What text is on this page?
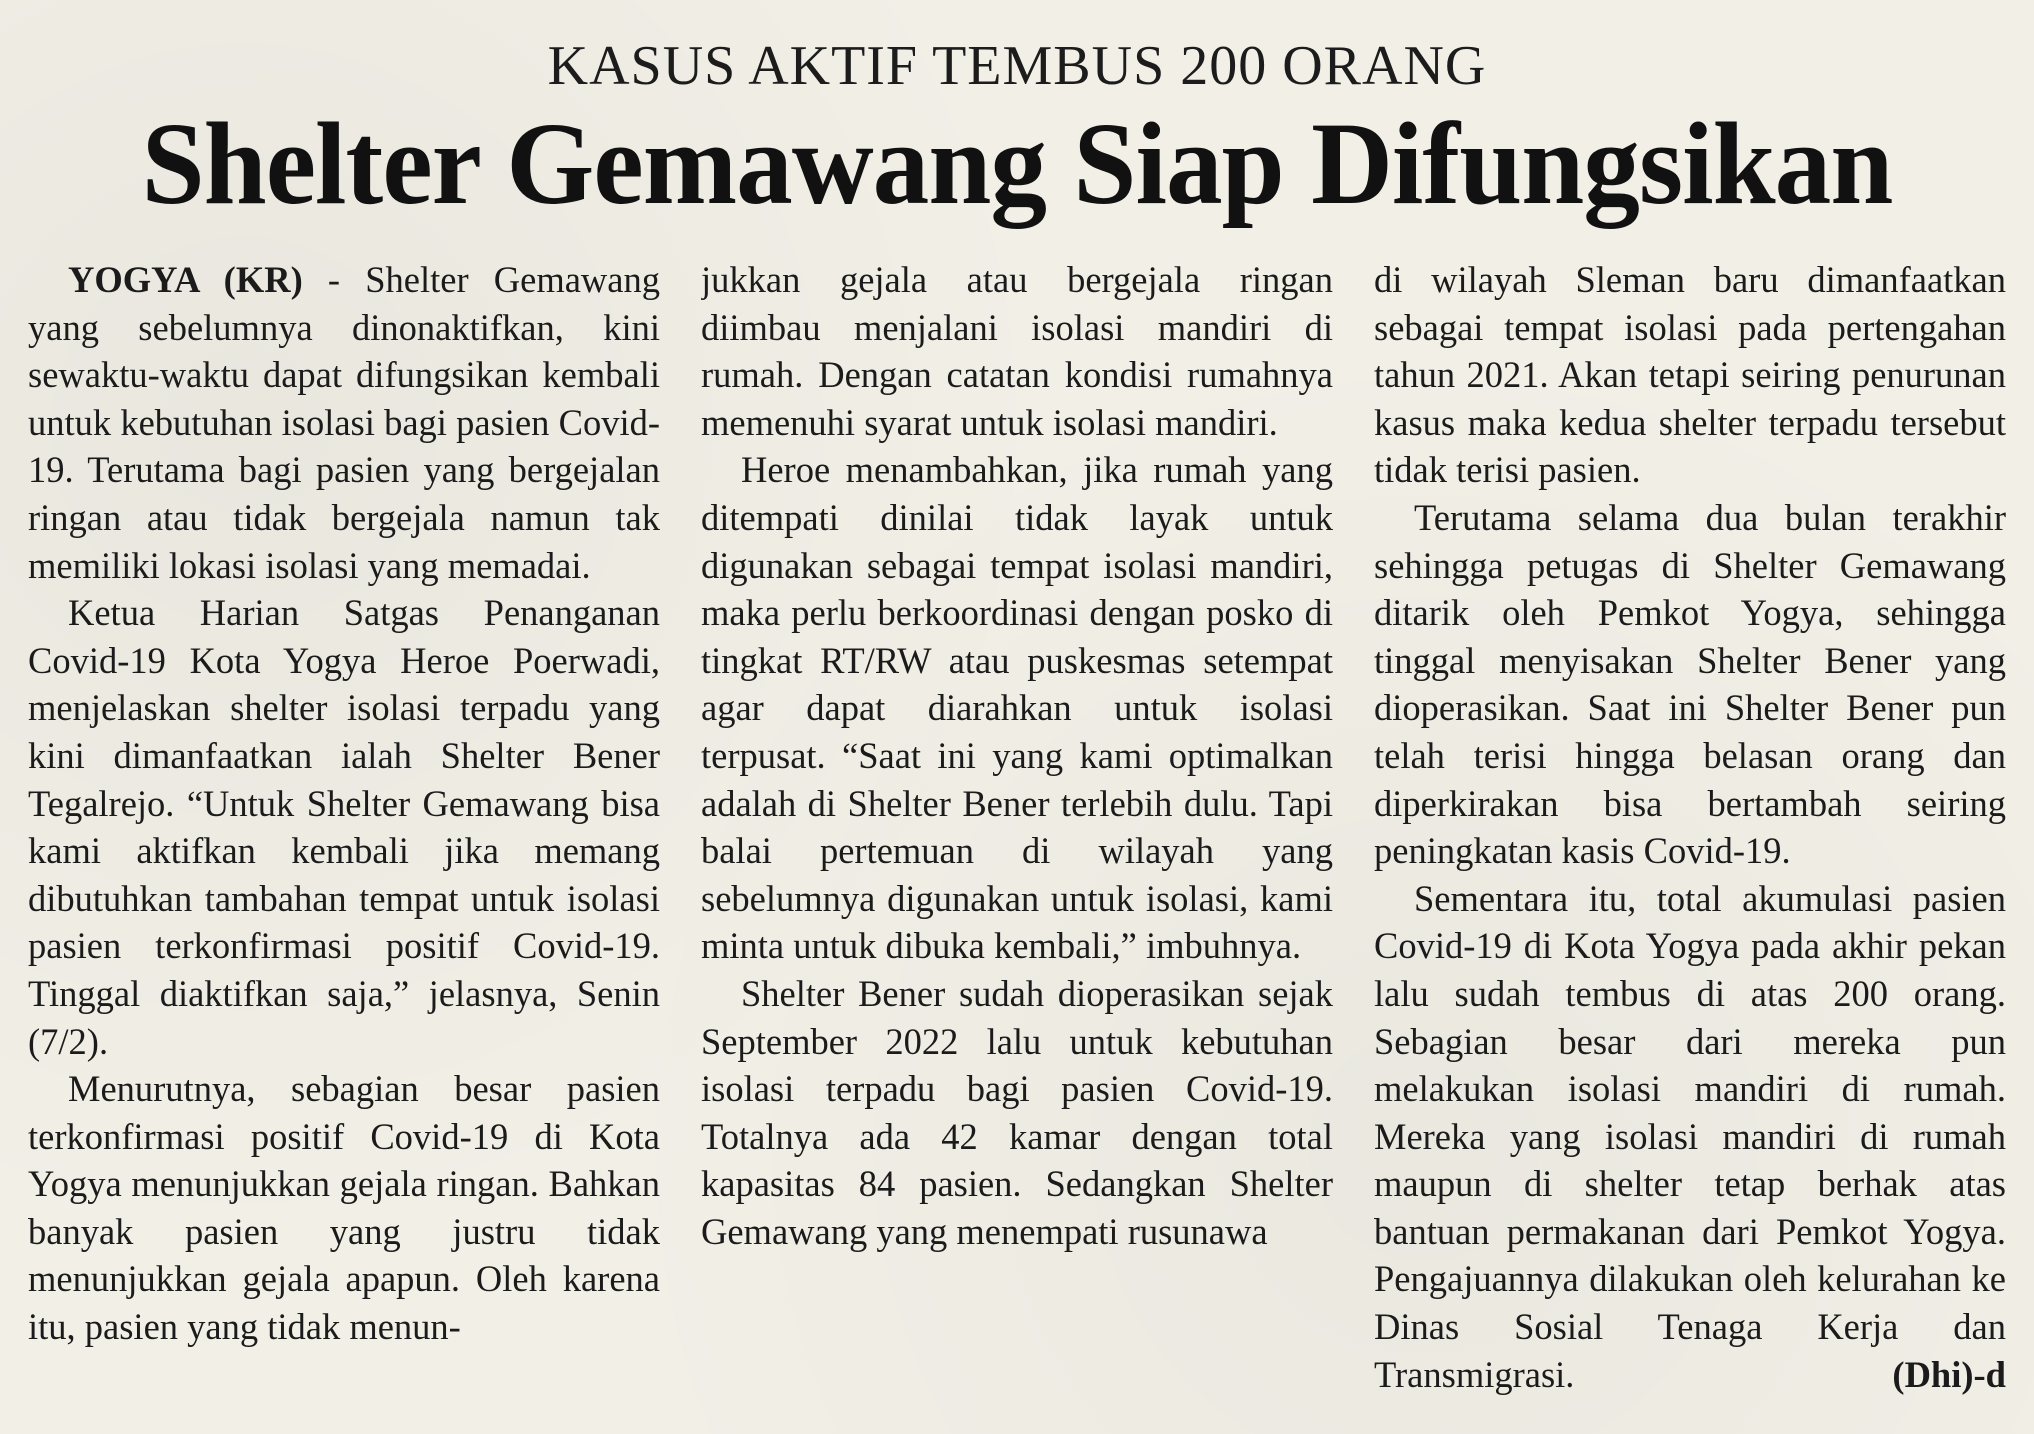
KASUS AKTIF TEMBUS 200 ORANG
Shelter Gemawang Siap Difungsikan

YOGYA (KR) - Shelter Gemawang yang sebelumnya dinonaktifkan, kini sewaktu-waktu dapat difungsikan kembali untuk kebutuhan isolasi bagi pasien Covid-19. Terutama bagi pasien yang bergejalan ringan atau tidak bergejala namun tak memiliki lokasi isolasi yang memadai.

Ketua Harian Satgas Penanganan Covid-19 Kota Yogya Heroe Poerwadi, menjelaskan shelter isolasi terpadu yang kini dimanfaatkan ialah Shelter Bener Tegalrejo. “Untuk Shelter Gemawang bisa kami aktifkan kembali jika memang dibutuhkan tambahan tempat untuk isolasi pasien terkonfirmasi positif Covid-19. Tinggal diaktifkan saja,” jelasnya, Senin (7/2).

Menurutnya, sebagian besar pasien terkonfirmasi positif Covid-19 di Kota Yogya menunjukkan gejala ringan. Bahkan banyak pasien yang justru tidak menunjukkan gejala apapun. Oleh karena itu, pasien yang tidak menun-

jukkan gejala atau bergejala ringan diimbau menjalani isolasi mandiri di rumah. Dengan catatan kondisi rumahnya memenuhi syarat untuk isolasi mandiri.

Heroe menambahkan, jika rumah yang ditempati dinilai tidak layak untuk digunakan sebagai tempat isolasi mandiri, maka perlu berkoordinasi dengan posko di tingkat RT/RW atau puskesmas setempat agar dapat diarahkan untuk isolasi terpusat. “Saat ini yang kami optimalkan adalah di Shelter Bener terlebih dulu. Tapi balai pertemuan di wilayah yang sebelumnya digunakan untuk isolasi, kami minta untuk dibuka kembali,” imbuhnya.

Shelter Bener sudah dioperasikan sejak September 2022 lalu untuk kebutuhan isolasi terpadu bagi pasien Covid-19. Totalnya ada 42 kamar dengan total kapasitas 84 pasien. Sedangkan Shelter Gemawang yang menempati rusunawa

di wilayah Sleman baru dimanfaatkan sebagai tempat isolasi pada pertengahan tahun 2021. Akan tetapi seiring penurunan kasus maka kedua shelter terpadu tersebut tidak terisi pasien.

Terutama selama dua bulan terakhir sehingga petugas di Shelter Gemawang ditarik oleh Pemkot Yogya, sehingga tinggal menyisakan Shelter Bener yang dioperasikan. Saat ini Shelter Bener pun telah terisi hingga belasan orang dan diperkirakan bisa bertambah seiring peningkatan kasis Covid-19.

Sementara itu, total akumulasi pasien Covid-19 di Kota Yogya pada akhir pekan lalu sudah tembus di atas 200 orang. Sebagian besar dari mereka pun melakukan isolasi mandiri di rumah. Mereka yang isolasi mandiri di rumah maupun di shelter tetap berhak atas bantuan permakanan dari Pemkot Yogya. Pengajuannya dilakukan oleh kelurahan ke Dinas Sosial Tenaga Kerja dan Transmigrasi.	(Dhi)-d
